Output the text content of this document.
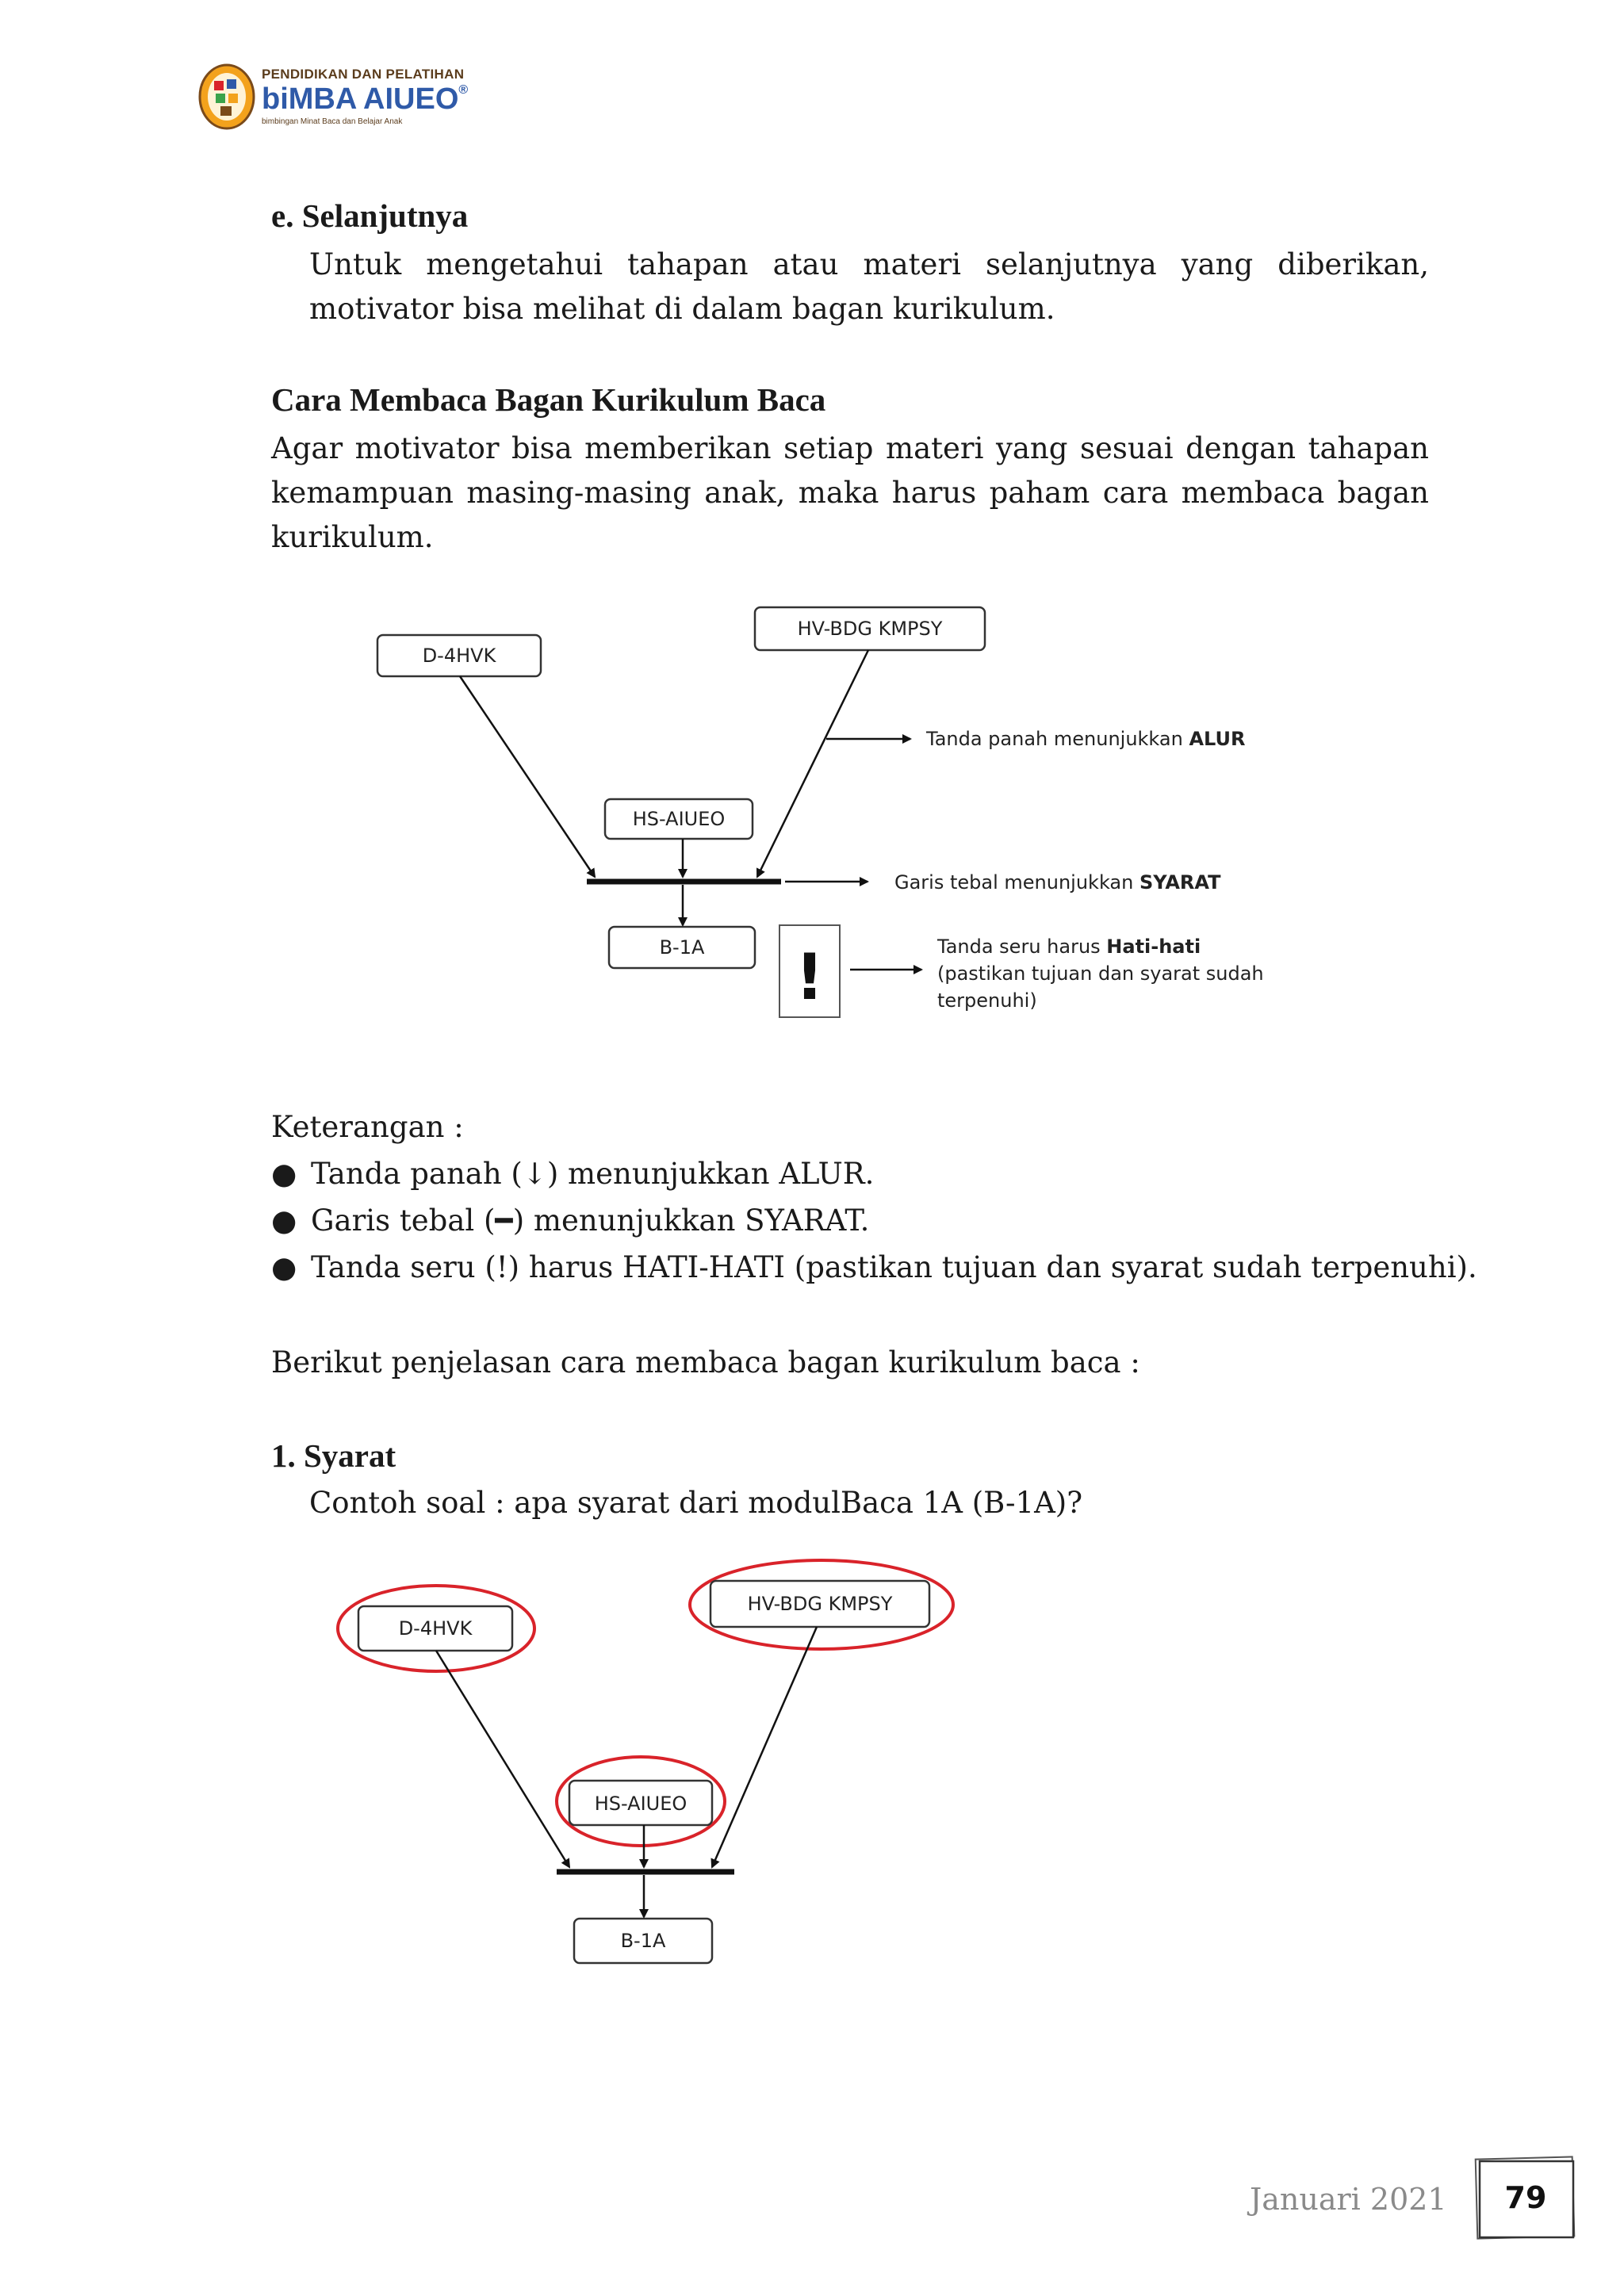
PENDIDIKAN DAN PELATIHAN
biMBA AIUEO®
bimbingan Minat Baca dan Belajar Anak
e. Selanjutnya

Untuk mengetahui tahapan atau materi selanjutnya yang diberikan, motivator bisa melihat di dalam bagan kurikulum.

Cara Membaca Bagan Kurikulum Baca

Agar motivator bisa memberikan setiap materi yang sesuai dengan tahapan kemampuan masing-masing anak, maka harus paham cara membaca bagan kurikulum.

D-4HVK
HV-BDG KMPSY
HS-AIUEO
B-1A !
Tanda panah menunjukkan ALUR
Garis tebal menunjukkan SYARAT
Tanda seru harus Hati-hati
(pastikan tujuan dan syarat sudah
terpenuhi)

Keterangan :

● Tanda panah (↓) menunjukkan ALUR.

● Garis tebal (━) menunjukkan SYARAT.

● Tanda seru (!) harus HATI-HATI (pastikan tujuan dan syarat sudah terpenuhi).

Berikut penjelasan cara membaca bagan kurikulum baca :

1. Syarat

Contoh soal : apa syarat dari modulBaca 1A (B-1A)?

D-4HVK
HV-BDG KMPSY
HS-AIUEO
B-1A
Januari 2021	79
